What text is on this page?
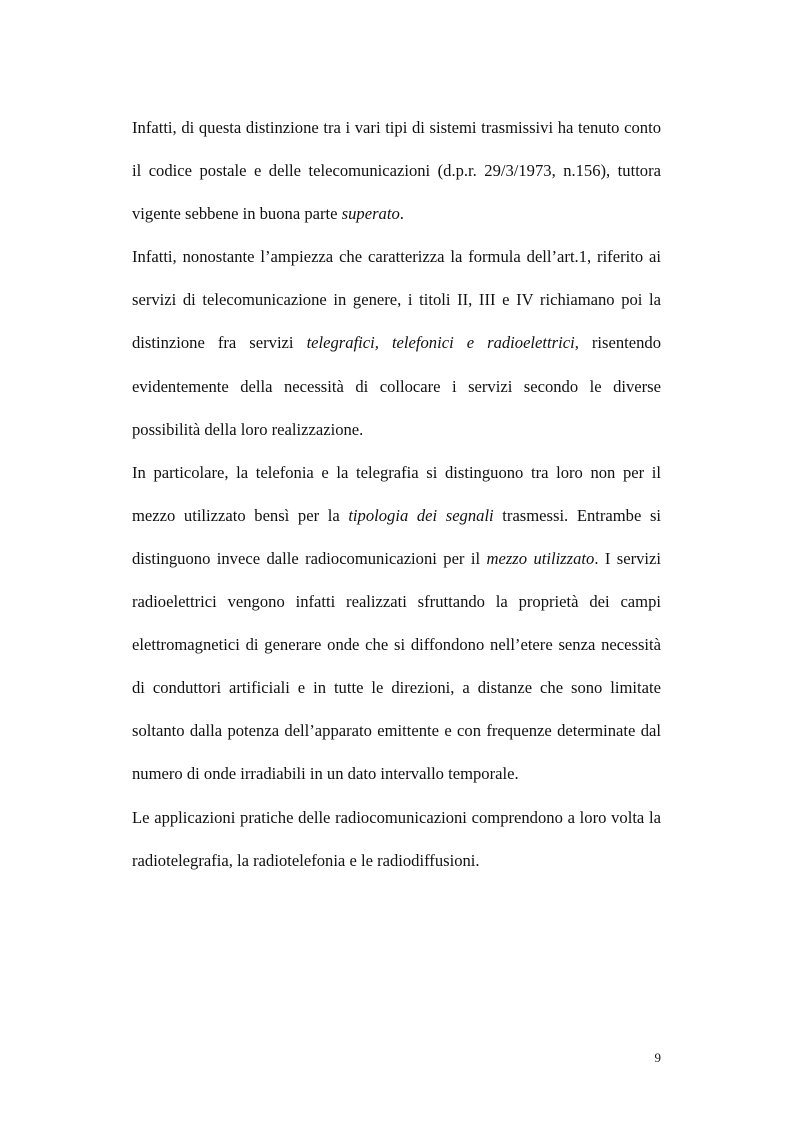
Infatti, di questa distinzione tra i vari tipi di sistemi trasmissivi ha tenuto conto il codice postale e delle telecomunicazioni (d.p.r. 29/3/1973, n.156), tuttora vigente sebbene in buona parte superato.

Infatti, nonostante l’ampiezza che caratterizza la formula dell’art.1, riferito ai servizi di telecomunicazione in genere, i titoli II, III e IV richiamano poi la distinzione fra servizi telegrafici, telefonici e radioelettrici, risentendo evidentemente della necessità di collocare i servizi secondo le diverse possibilità della loro realizzazione.

In particolare, la telefonia e la telegrafia si distinguono tra loro non per il mezzo utilizzato bensì per la tipologia dei segnali trasmessi. Entrambe si distinguono invece dalle radiocomunicazioni per il mezzo utilizzato. I servizi radioelettrici vengono infatti realizzati sfruttando la proprietà dei campi elettromagnetici di generare onde che si diffondono nell’etere senza necessità di conduttori artificiali e in tutte le direzioni, a distanze che sono limitate soltanto dalla potenza dell’apparato emittente e con frequenze determinate dal numero di onde irradiabili in un dato intervallo temporale.

Le applicazioni pratiche delle radiocomunicazioni comprendono a loro volta la radiotelegrafia, la radiotelefonia e le radiodiffusioni.

9
